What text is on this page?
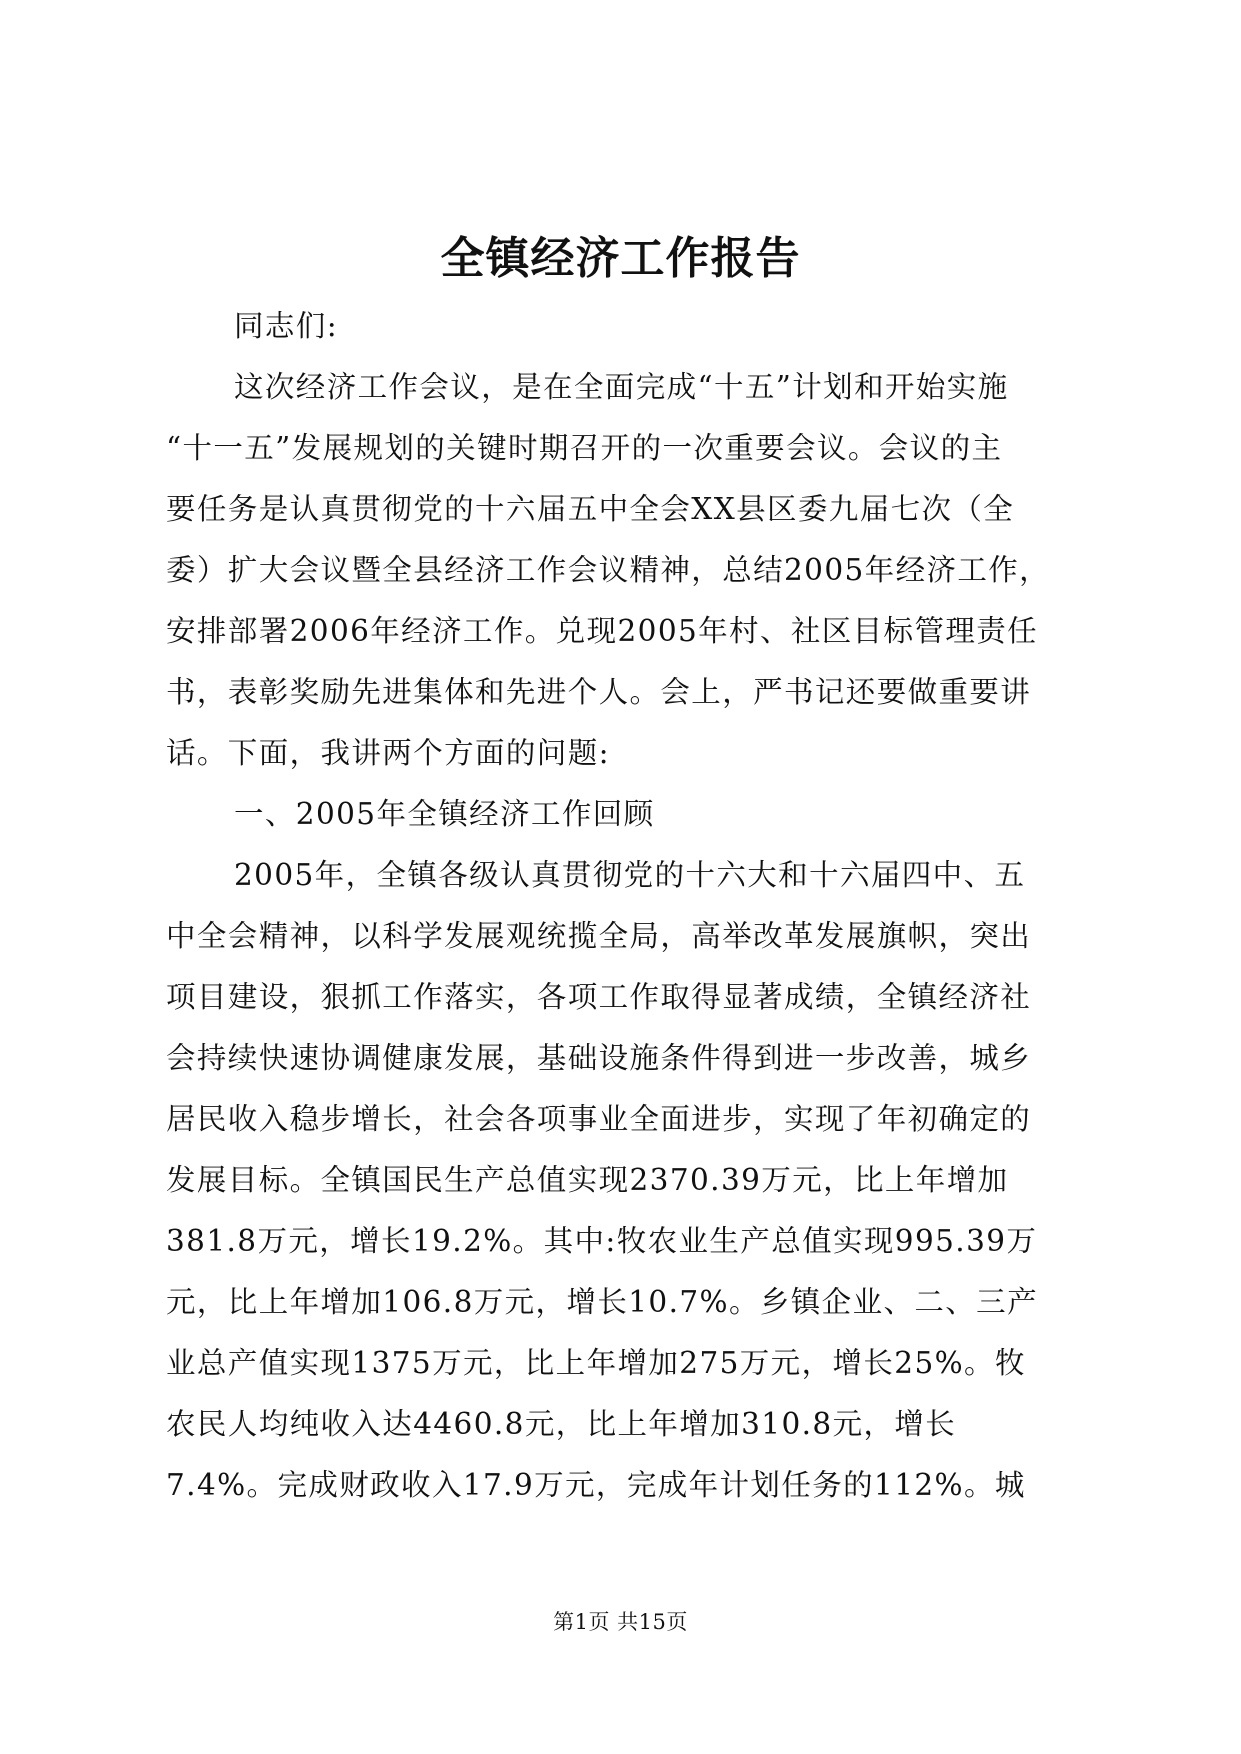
全镇经济工作报告
同志们:
这次经济工作会议，是在全面完成“十五”计划和开始实施
“十一五”发展规划的关键时期召开的一次重要会议。会议的主
要任务是认真贯彻党的十六届五中全会XX县区委九届七次（全
委）扩大会议暨全县经济工作会议精神，总结2005年经济工作，
安排部署2006年经济工作。兑现2005年村、社区目标管理责任
书，表彰奖励先进集体和先进个人。会上，严书记还要做重要讲
话。下面，我讲两个方面的问题:
一、2005年全镇经济工作回顾
2005年，全镇各级认真贯彻党的十六大和十六届四中、五
中全会精神，以科学发展观统揽全局，高举改革发展旗帜，突出
项目建设，狠抓工作落实，各项工作取得显著成绩，全镇经济社
会持续快速协调健康发展，基础设施条件得到进一步改善，城乡
居民收入稳步增长，社会各项事业全面进步，实现了年初确定的
发展目标。全镇国民生产总值实现2370.39万元，比上年增加
381.8万元，增长19.2%。其中:牧农业生产总值实现995.39万
元，比上年增加106.8万元，增长10.7%。乡镇企业、二、三产
业总产值实现1375万元，比上年增加275万元，增长25%。牧
农民人均纯收入达4460.8元，比上年增加310.8元，增长
7.4%。完成财政收入17.9万元，完成年计划任务的112%。城
第1页 共15页
